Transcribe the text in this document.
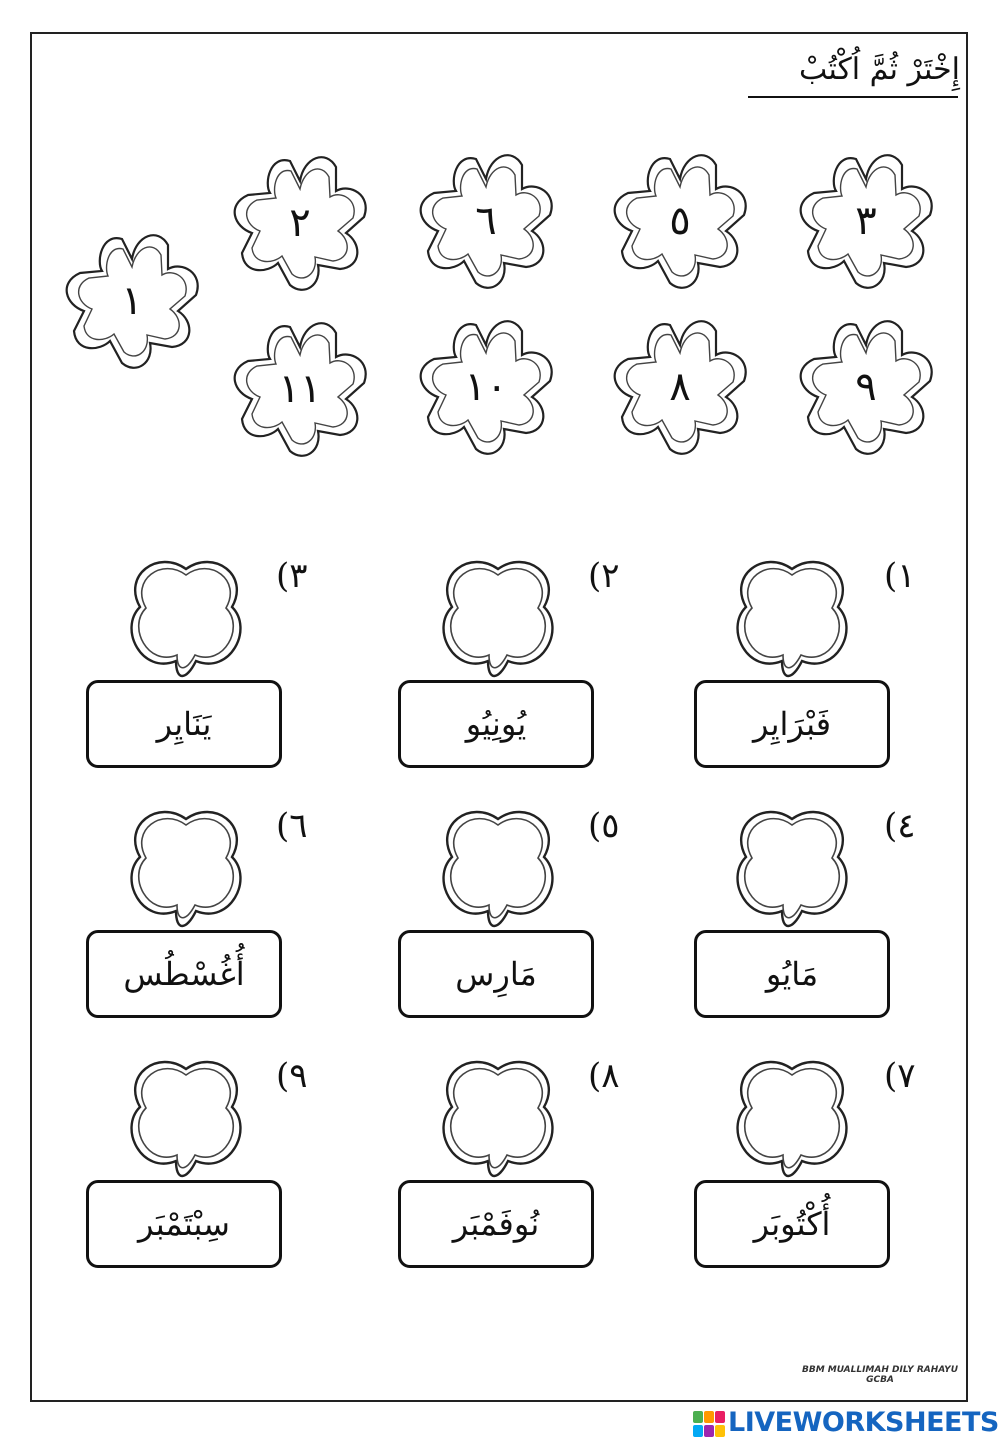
إِخْتَرْ ثُمَّ اُكْتُبْ
١
٢	٦	٥	٣
١١	١٠	٨	٩
١)
فَبْرَايِر
٢)
يُونِيُو
٣)
يَنَايِر
٤)
مَايُو
٥)
مَارِس
٦)
أُغُسْطُس
٧)
أُكْتُوبَر
٨)
نُوفَمْبَر
٩)
سِبْتَمْبَر
BBM MUALLIMAH DILY RAHAYU
GCBA
LIVEWORKSHEETS
